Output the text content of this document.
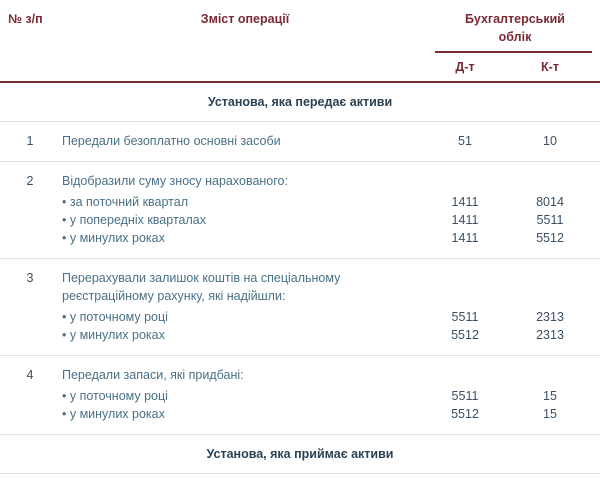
№ з/п	Зміст операції	Бухгалтерський облік
Д-т	К-т
Установа, яка передає активи
1	Передали безоплатно основні засоби	51	10
2	Відобразили суму зносу нарахованого:
• за поточний квартал	1411	8014
• у попередніх кварталах	1411	5511
• у минулих роках	1411	5512
3	Перерахували залишок коштів на спеціальному
реєстраційному рахунку, які надійшли:
• у поточному році	5511	2313
• у минулих роках	5512	2313
4	Передали запаси, які придбані:
• у поточному році	5511	15
• у минулих роках	5512	15
Установа, яка приймає активи
